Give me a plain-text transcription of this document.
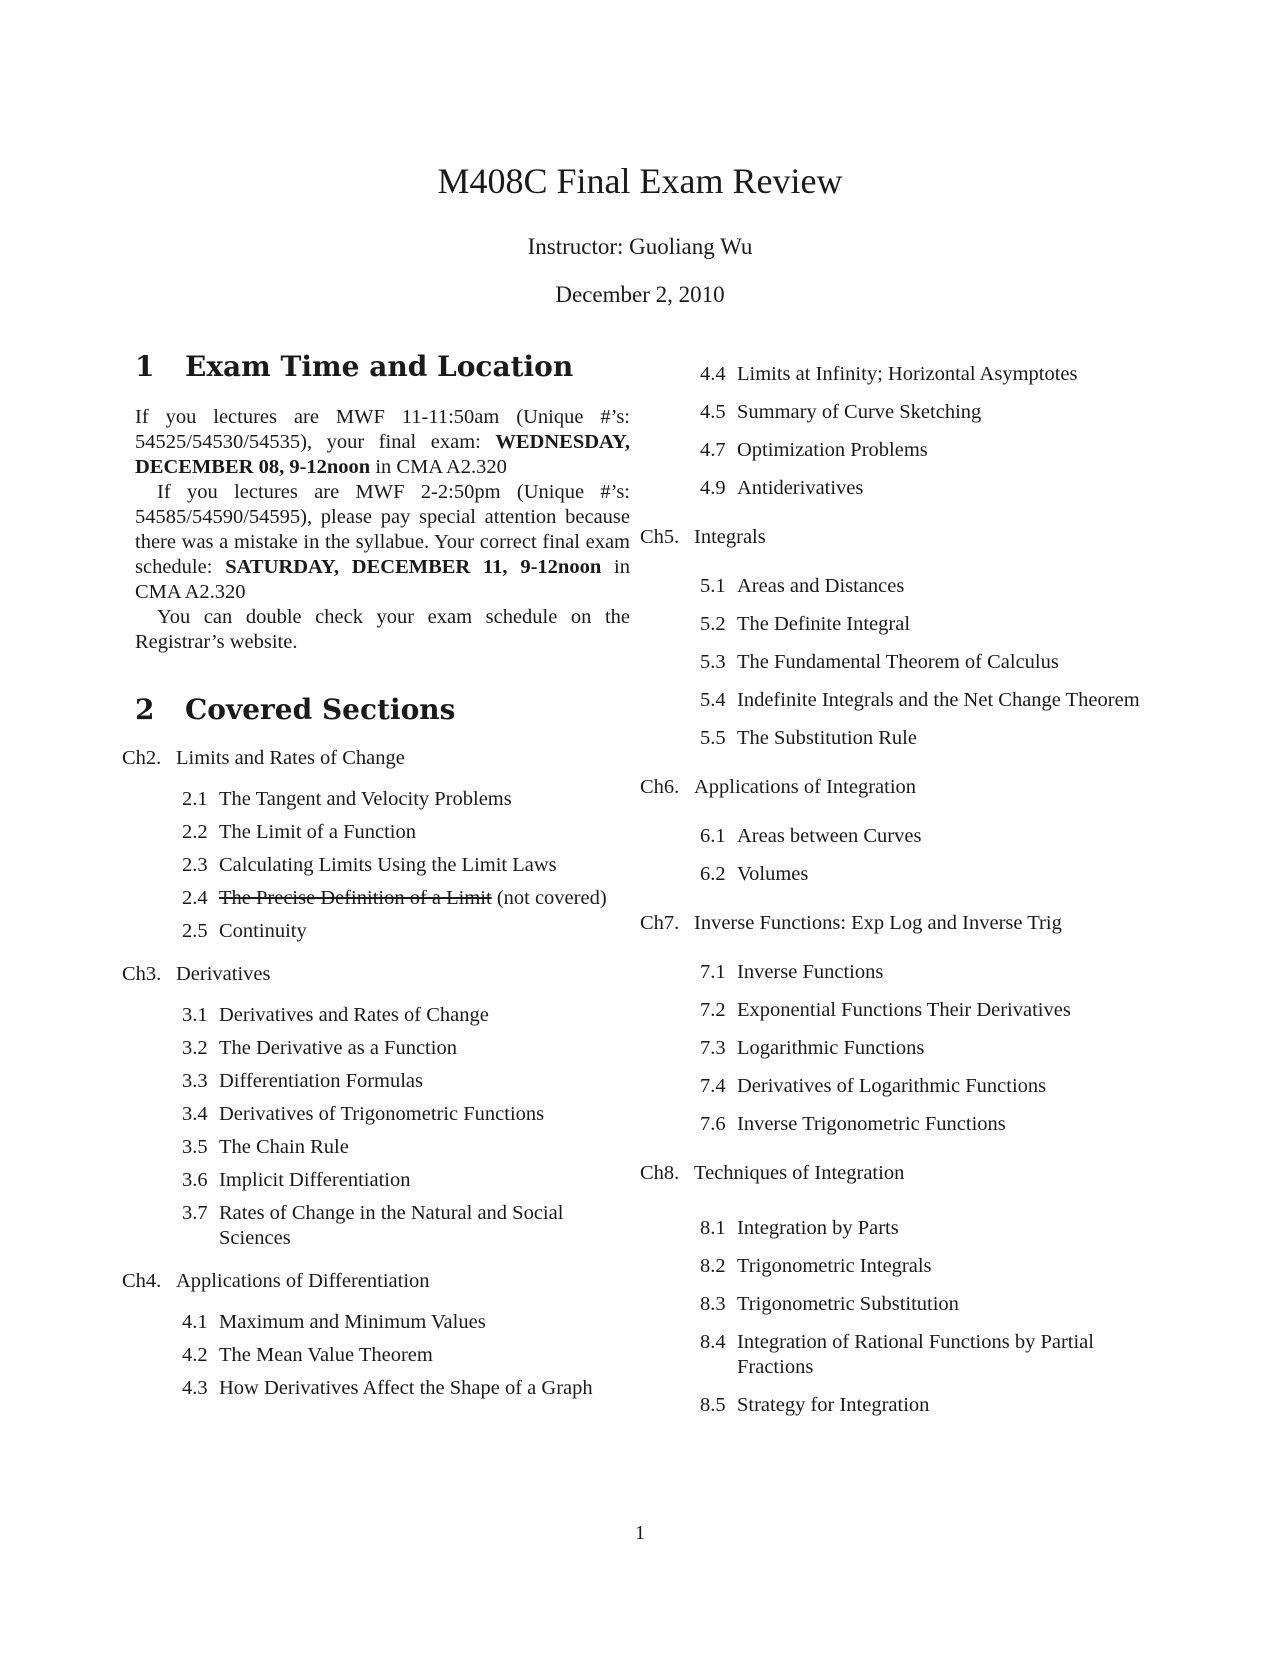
M408C Final Exam Review
Instructor: Guoliang Wu
December 2, 2010
1	Exam Time and Location

If you lectures are MWF 11-11:50am (Unique #’s: 54525/54530/54535), your final exam: WEDNESDAY, DECEMBER 08, 9-12noon in CMA A2.320

If you lectures are MWF 2-2:50pm (Unique #’s: 54585/54590/54595), please pay special attention because there was a mistake in the syllabue. Your correct final exam schedule: SATURDAY, DECEMBER 11, 9-12noon in CMA A2.320

You can double check your exam schedule on the Registrar’s website.

2	Covered Sections
Ch2. Limits and Rates of Change
2.1 The Tangent and Velocity Problems
2.2 The Limit of a Function
2.3 Calculating Limits Using the Limit Laws
2.4 The Precise Definition of a Limit (not covered)
2.5 Continuity
Ch3. Derivatives
3.1 Derivatives and Rates of Change
3.2 The Derivative as a Function
3.3 Differentiation Formulas
3.4 Derivatives of Trigonometric Functions
3.5 The Chain Rule
3.6 Implicit Differentiation
3.7 Rates of Change in the Natural and Social Sciences
Ch4. Applications of Differentiation
4.1 Maximum and Minimum Values
4.2 The Mean Value Theorem
4.3 How Derivatives Affect the Shape of a Graph
4.4 Limits at Infinity; Horizontal Asymptotes
4.5 Summary of Curve Sketching
4.7 Optimization Problems
4.9 Antiderivatives
Ch5. Integrals
5.1 Areas and Distances
5.2 The Definite Integral
5.3 The Fundamental Theorem of Calculus
5.4 Indefinite Integrals and the Net Change Theorem
5.5 The Substitution Rule
Ch6. Applications of Integration
6.1 Areas between Curves
6.2 Volumes
Ch7. Inverse Functions: Exp Log and Inverse Trig
7.1 Inverse Functions
7.2 Exponential Functions Their Derivatives
7.3 Logarithmic Functions
7.4 Derivatives of Logarithmic Functions
7.6 Inverse Trigonometric Functions
Ch8. Techniques of Integration
8.1 Integration by Parts
8.2 Trigonometric Integrals
8.3 Trigonometric Substitution
8.4 Integration of Rational Functions by Partial Fractions
8.5 Strategy for Integration
1
